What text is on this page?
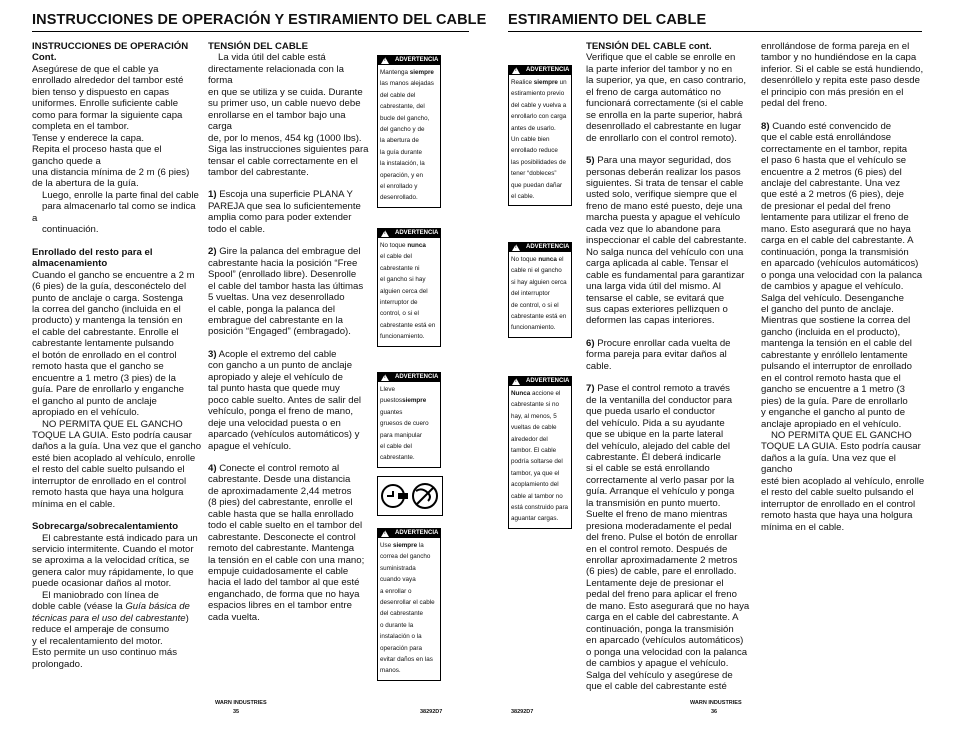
INSTRUCCIONES DE OPERACIÓN Y ESTIRAMIENTO DEL CABLE ESTIRAMIENTO DEL CABLE

INSTRUCCIONES DE OPERACIÓN

Cont.

Asegúrese de que el cable ya

enrollado alrededor del tambor esté

bien tenso y dispuesto en capas

uniformes. Enrolle suficiente cable

como para formar la siguiente capa

completa en el tambor.

Tense y enderece la capa.

Repita el proceso hasta que el

gancho quede a

una distancia mínima de 2 m (6 pies)

de la abertura de la guía.

Luego, enrolle la parte final del cable

para almacenarlo tal como se indica a

continuación.

Enrollado del resto para el

almacenamiento

Cuando el gancho se encuentre a 2 m

(6 pies) de la guía, desconéctelo del

punto de anclaje o carga. Sostenga

la correa del gancho (incluida en el

producto) y mantenga la tensión en

el cable del cabrestante. Enrolle el

cabrestante lentamente pulsando

el botón de enrollado en el control

remoto hasta que el gancho se

encuentre a 1 metro (3 pies) de la

guía. Pare de enrollarlo y enganche

el gancho al punto de anclaje

apropiado en el vehículo.

NO PERMITA QUE EL GANCHO

TOQUE LA GUIA. Esto podría causar

daños a la guía. Una vez que el gancho

esté bien acoplado al vehículo, enrolle

el resto del cable suelto pulsando el

interruptor de enrollado en el control

remoto hasta que haya una holgura

mínima en el cable.

Sobrecarga/sobrecalentamiento

El cabrestante está indicado para un

servicio intermitente. Cuando el motor

se aproxima a la velocidad crítica, se

genera calor muy rápidamente, lo que

puede ocasionar daños al motor.

El maniobrado con línea de

doble cable (véase la Guía básica de

técnicas para el uso del cabrestante)

reduce el amperaje de consumo

y el recalentamiento del motor.

Esto permite un uso continuo más

prolongado.

TENSIÓN DEL CABLE

La vida útil del cable está

directamente relacionada con la forma

en que se utiliza y se cuida. Durante

su primer uso, un cable nuevo debe

enrollarse en el tambor bajo una carga

de, por lo menos, 454 kg (1000 lbs).

Siga las instrucciones siguientes para

tensar el cable correctamente en el

tambor del cabrestante.

1) Escoja una superficie PLANA Y

PAREJA que sea lo suficientemente

amplia como para poder extender

todo el cable.

2) Gire la palanca del embrague del

cabrestante hacia la posición “Free

Spool” (enrollado libre). Desenrolle

el cable del tambor hasta las últimas

5 vueltas. Una vez desenrollado

el cable, ponga la palanca del

embrague del cabrestante en la

posición “Engaged” (embragado).

3) Acople el extremo del cable

con gancho a un punto de anclaje

apropiado y aleje el vehículo de

tal punto hasta que quede muy

poco cable suelto. Antes de salir del

vehículo, ponga el freno de mano,

deje una velocidad puesta o en

aparcado (vehículos automáticos) y

apague el vehículo.

4) Conecte el control remoto al

cabrestante. Desde una distancia

de aproximadamente 2,44 metros

(8 pies) del cabrestante, enrolle el

cable hasta que se halla enrollado

todo el cable suelto en el tambor del

cabrestante. Desconecte el control

remoto del cabrestante. Mantenga

la tensión en el cable con una mano;

empuje cuidadosamente el cable

hacia el lado del tambor al que esté

enganchado, de forma que no haya

espacios libres en el tambor entre

cada vuelta.

!
ADVERTENCIA
Mantenga siempre
las manos alejadas
del cable del
cabrestante, del
bucle del gancho,
del gancho y de
la abertura de
la guía durante
la instalación, la
operación, y en
el enrollado y
desenrollado.
!
ADVERTENCIA
No toque nunca
el cable del
cabrestante ni
el gancho si hay
alguien cerca del
interruptor de
control, o si el
cabrestante está en
funcionamiento.
!
ADVERTENCIA
Lleve puestossiempre guantes
gruesos de cuero
para manipular
el cable del
cabrestante.
!
ADVERTENCIA
Use siempre la
correa del gancho
suministrada
cuando vaya
a enrollar o
desenrollar el cable
del cabrestante
o durante la
instalación o la
operación para
evitar daños en las
manos.
!
ADVERTENCIA
Realice siempre un
estiramiento previo
del cable y vuelva a
enrollarlo con carga
antes de usarlo.
Un cable bien
enrollado reduce
las posibilidades de
tener “dobleces”
que puedan dañar
el cable.
!
ADVERTENCIA
No toque nunca el
cable ni el gancho
si hay alguien cerca
del interruptor
de control, o si el
cabrestante está en
funcionamiento.
!
ADVERTENCIA
Nunca accione el
cabrestante si no
hay, al menos, 5
vueltas de cable
alrededor del
tambor. El cable
podría soltarse del
tambor, ya que el
acoplamiento del
cable al tambor no
está construido para
aguantar cargas.

TENSIÓN DEL CABLE cont.

Verifique que el cable se enrolle en

la parte inferior del tambor y no en

la superior, ya que, en caso contrario,

el freno de carga automático no

funcionará correctamente (si el cable

se enrolla en la parte superior, habrá

desenrollado el cabrestante en lugar

de enrollarlo con el control remoto).

5) Para una mayor seguridad, dos

personas deberán realizar los pasos

siguientes. Si trata de tensar el cable

usted solo, verifique siempre que el

freno de mano esté puesto, deje una

marcha puesta y apague el vehículo

cada vez que lo abandone para

inspeccionar el cable del cabrestante.

No salga nunca del vehículo con una

carga aplicada al cable. Tensar el

cable es fundamental para garantizar

una larga vida útil del mismo. Al

tensarse el cable, se evitará que

sus capas exteriores pellizquen o

deformen las capas interiores.

6) Procure enrollar cada vuelta de

forma pareja para evitar daños al

cable.

7) Pase el control remoto a través

de la ventanilla del conductor para

que pueda usarlo el conductor

del vehículo. Pida a su ayudante

que se ubique en la parte lateral

del vehículo, alejado del cable del

cabrestante. Él deberá indicarle

si el cable se está enrollando

correctamente al verlo pasar por la

guía. Arranque el vehículo y ponga

la transmisión en punto muerto.

Suelte el freno de mano mientras

presiona moderadamente el pedal

del freno. Pulse el botón de enrollar

en el control remoto. Después de

enrollar aproximadamente 2 metros

(6 pies) de cable, pare el enrollado.

Lentamente deje de presionar el

pedal del freno para aplicar el freno

de mano. Esto asegurará que no haya

carga en el cable del cabrestante. A

continuación, ponga la transmisión

en aparcado (vehículos automáticos)

o ponga una velocidad con la palanca

de cambios y apague el vehículo.

Salga del vehículo y asegúrese de

que el cable del cabrestante esté

enrollándose de forma pareja en el

tambor y no hundiéndose en la capa

inferior. Si el cable se está hundiendo,

desenróllelo y repita este paso desde

el principio con más presión en el

pedal del freno.

8) Cuando esté convencido de

que el cable está enrollándose

correctamente en el tambor, repita

el paso 6 hasta que el vehículo se

encuentre a 2 metros (6 pies) del

anclaje del cabrestante. Una vez

que esté a 2 metros (6 pies), deje

de presionar el pedal del freno

lentamente para utilizar el freno de

mano. Esto asegurará que no haya

carga en el cable del cabrestante. A

continuación, ponga la transmisión

en aparcado (vehículos automáticos)

o ponga una velocidad con la palanca

de cambios y apague el vehículo.

Salga del vehículo. Desenganche

el gancho del punto de anclaje.

Mientras que sostiene la correa del

gancho (incluida en el producto),

mantenga la tensión en el cable del

cabrestante y enróllelo lentamente

pulsando el interruptor de enrollado

en el control remoto hasta que el

gancho se encuentre a 1 metro (3

pies) de la guía. Pare de enrollarlo

y enganche el gancho al punto de

anclaje apropiado en el vehículo.

NO PERMITA QUE EL GANCHO

TOQUE LA GUIA. Esto podría causar

daños a la guía. Una vez que el gancho

esté bien acoplado al vehículo, enrolle

el resto del cable suelto pulsando el

interruptor de enrollado en el control

remoto hasta que haya una holgura

mínima en el cable.

WARN INDUSTRIES
35	38292D7	38292D7
WARN INDUSTRIES
36
